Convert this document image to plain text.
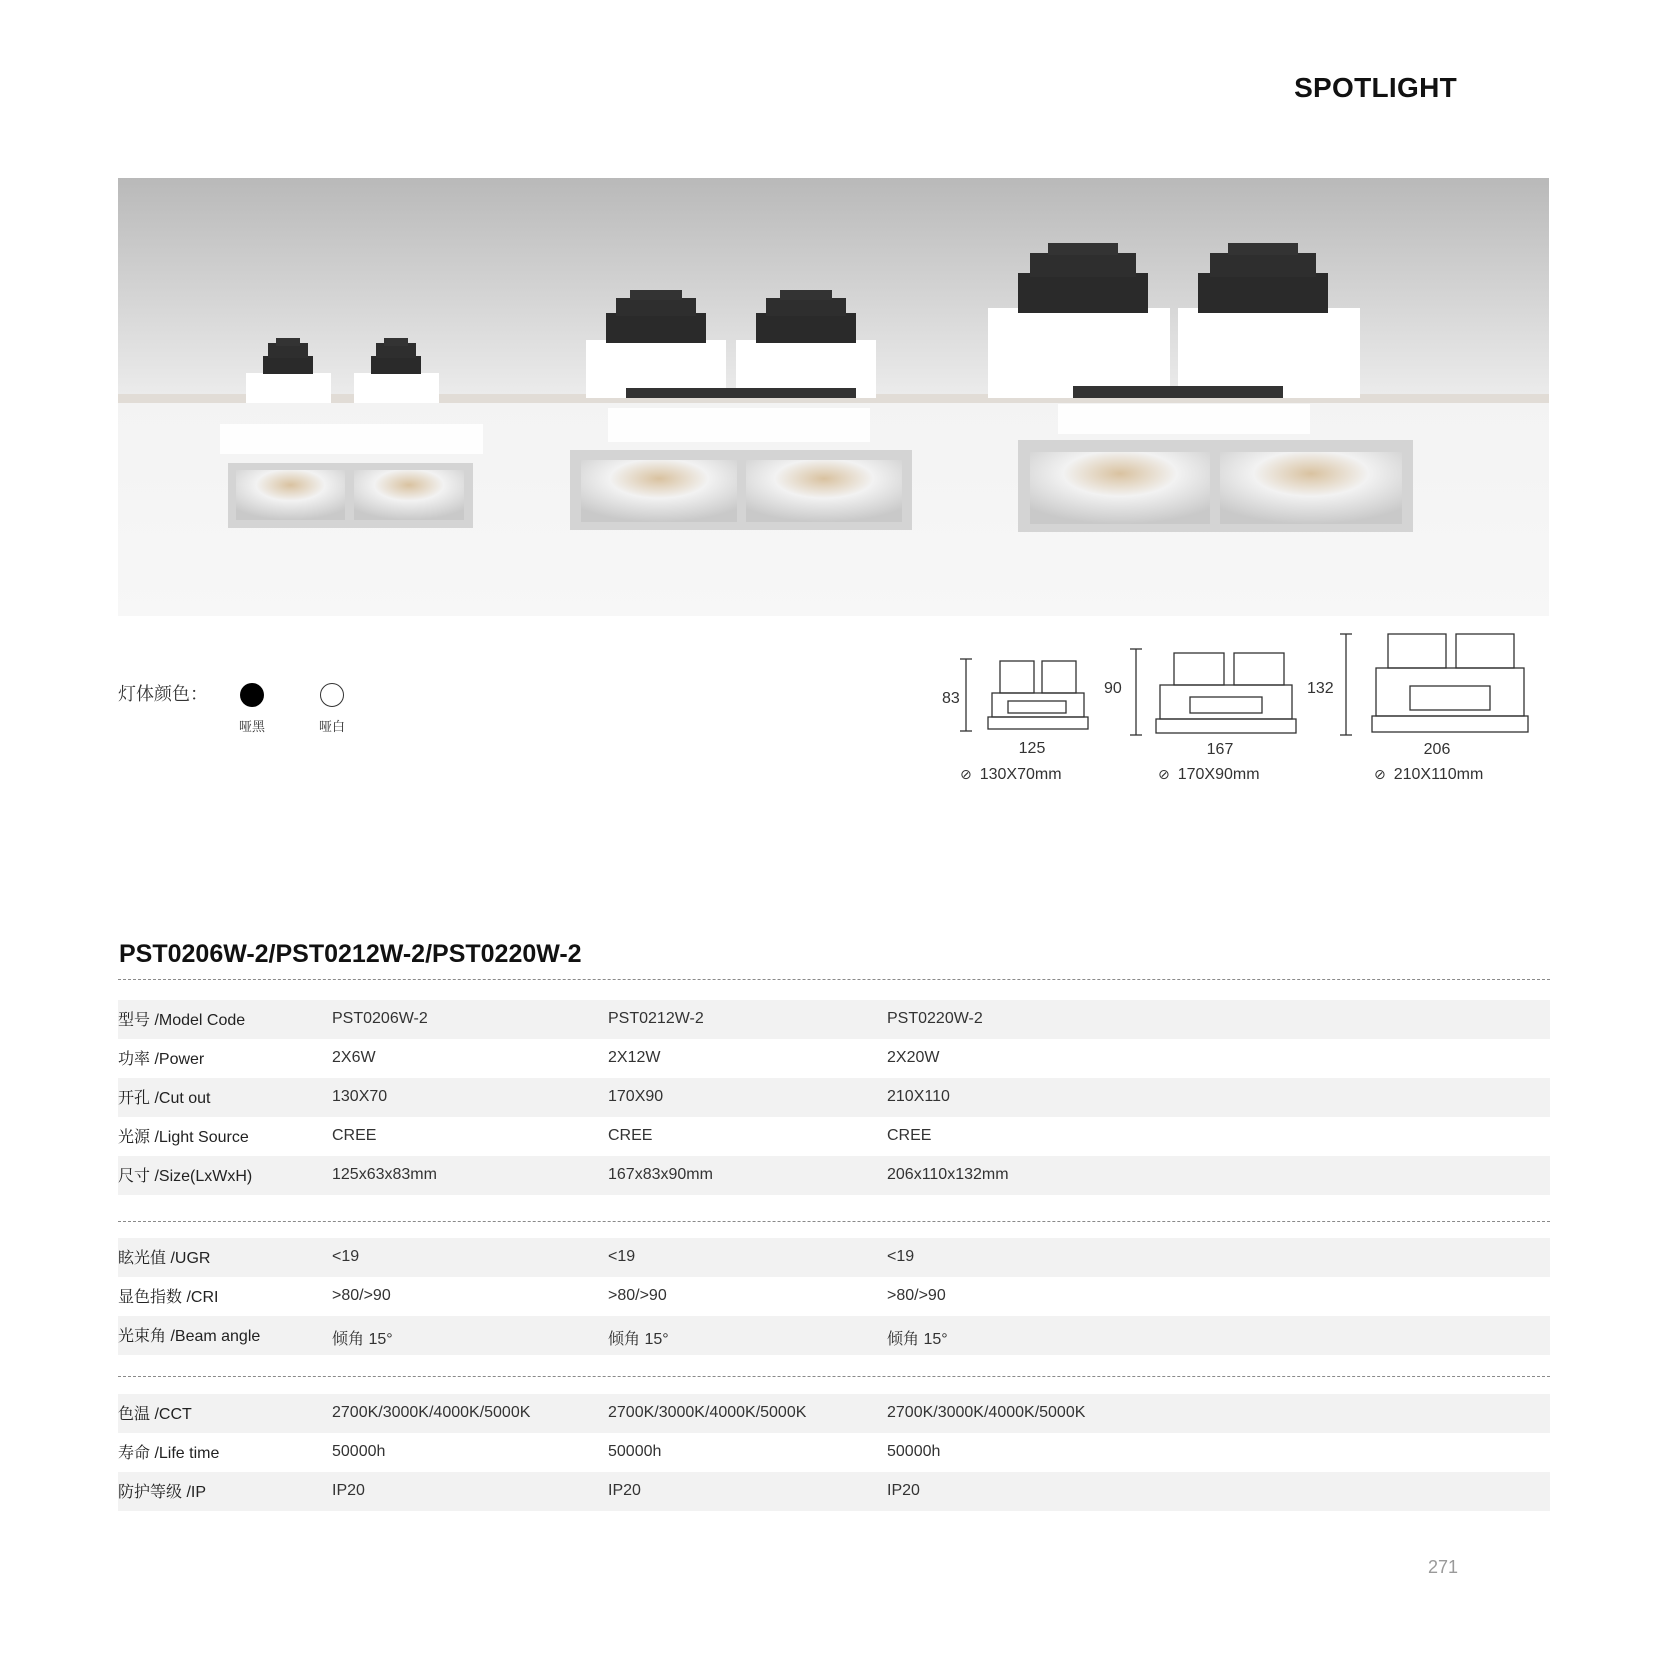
SPOTLIGHT
灯体颜色：
哑黑	哑白
83
90	132
125	167	206
⊘ 130X70mm	⊘ 170X90mm	⊘ 210X110mm
PST0206W-2/PST0212W-2/PST0220W-2
型号 /Model Code	PST0206W-2	PST0212W-2	PST0220W-2
功率 /Power	2X6W	2X12W	2X20W
开孔 /Cut out	130X70	170X90	210X110
光源 /Light Source	CREE	CREE	CREE
尺寸 /Size(LxWxH)	125x63x83mm	167x83x90mm	206x110x132mm
眩光值 /UGR	<19	<19	<19
显色指数 /CRI	>80/>90	>80/>90	>80/>90
光束角 /Beam angle	倾角 15°	倾角 15°	倾角 15°
色温 /CCT	2700K/3000K/4000K/5000K	2700K/3000K/4000K/5000K	2700K/3000K/4000K/5000K
寿命 /Life time	50000h	50000h	50000h
防护等级 /IP	IP20	IP20	IP20
271
